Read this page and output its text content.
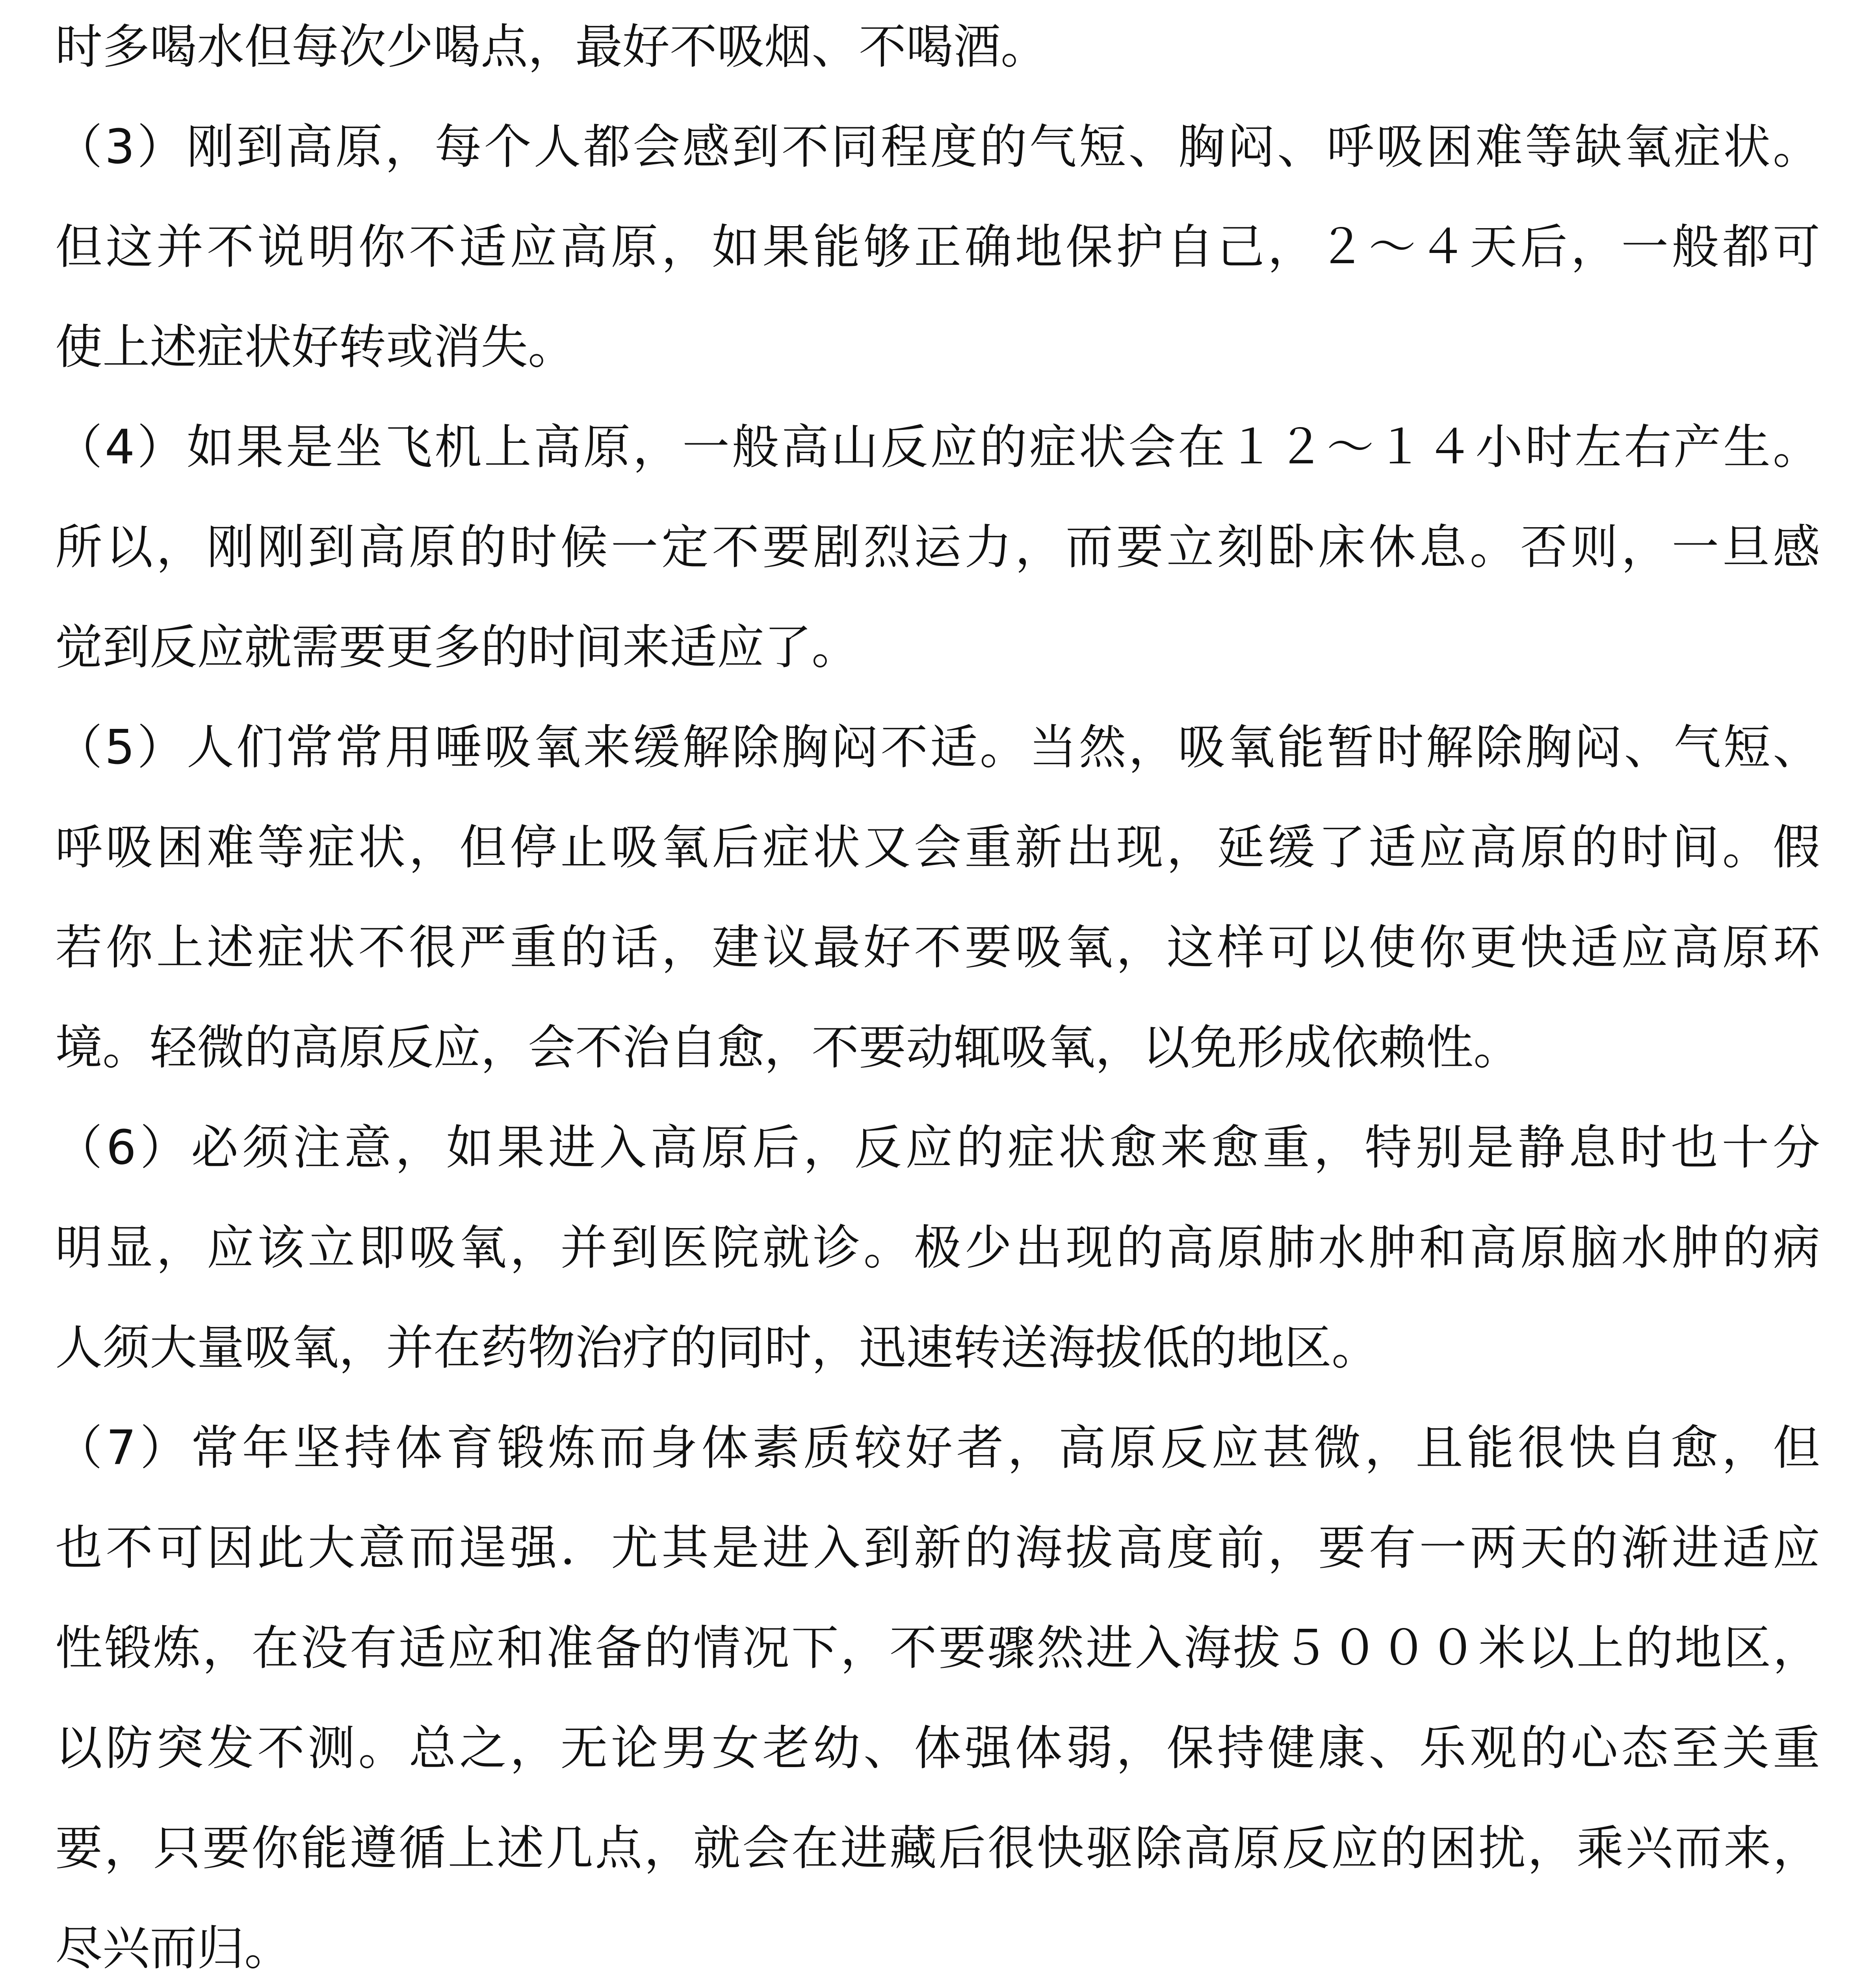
时多喝水但每次少喝点，最好不吸烟、不喝酒。
（3）刚到高原，每个人都会感到不同程度的气短、胸闷、呼吸困难等缺氧症状。
但这并不说明你不适应高原，如果能够正确地保护自己，２～４天后，一般都可
使上述症状好转或消失。
（4）如果是坐飞机上高原，一般高山反应的症状会在１２～１４小时左右产生。
所以，刚刚到高原的时候一定不要剧烈运力，而要立刻卧床休息。否则，一旦感
觉到反应就需要更多的时间来适应了。
（5）人们常常用唾吸氧来缓解除胸闷不适。当然，吸氧能暂时解除胸闷、气短、
呼吸困难等症状，但停止吸氧后症状又会重新出现，延缓了适应高原的时间。假
若你上述症状不很严重的话，建议最好不要吸氧，这样可以使你更快适应高原环
境。轻微的高原反应，会不治自愈，不要动辄吸氧，以免形成依赖性。
（6）必须注意，如果进入高原后，反应的症状愈来愈重，特别是静息时也十分
明显，应该立即吸氧，并到医院就诊。极少出现的高原肺水肿和高原脑水肿的病
人须大量吸氧，并在药物治疗的同时，迅速转送海拔低的地区。
（7）常年坚持体育锻炼而身体素质较好者，高原反应甚微，且能很快自愈，但
也不可因此大意而逞强．尤其是进入到新的海拔高度前，要有一两天的渐进适应
性锻炼，在没有适应和准备的情况下，不要骤然进入海拔５０００米以上的地区，
以防突发不测。总之，无论男女老幼、体强体弱，保持健康、乐观的心态至关重
要，只要你能遵循上述几点，就会在进藏后很快驱除高原反应的困扰，乘兴而来，
尽兴而归。
